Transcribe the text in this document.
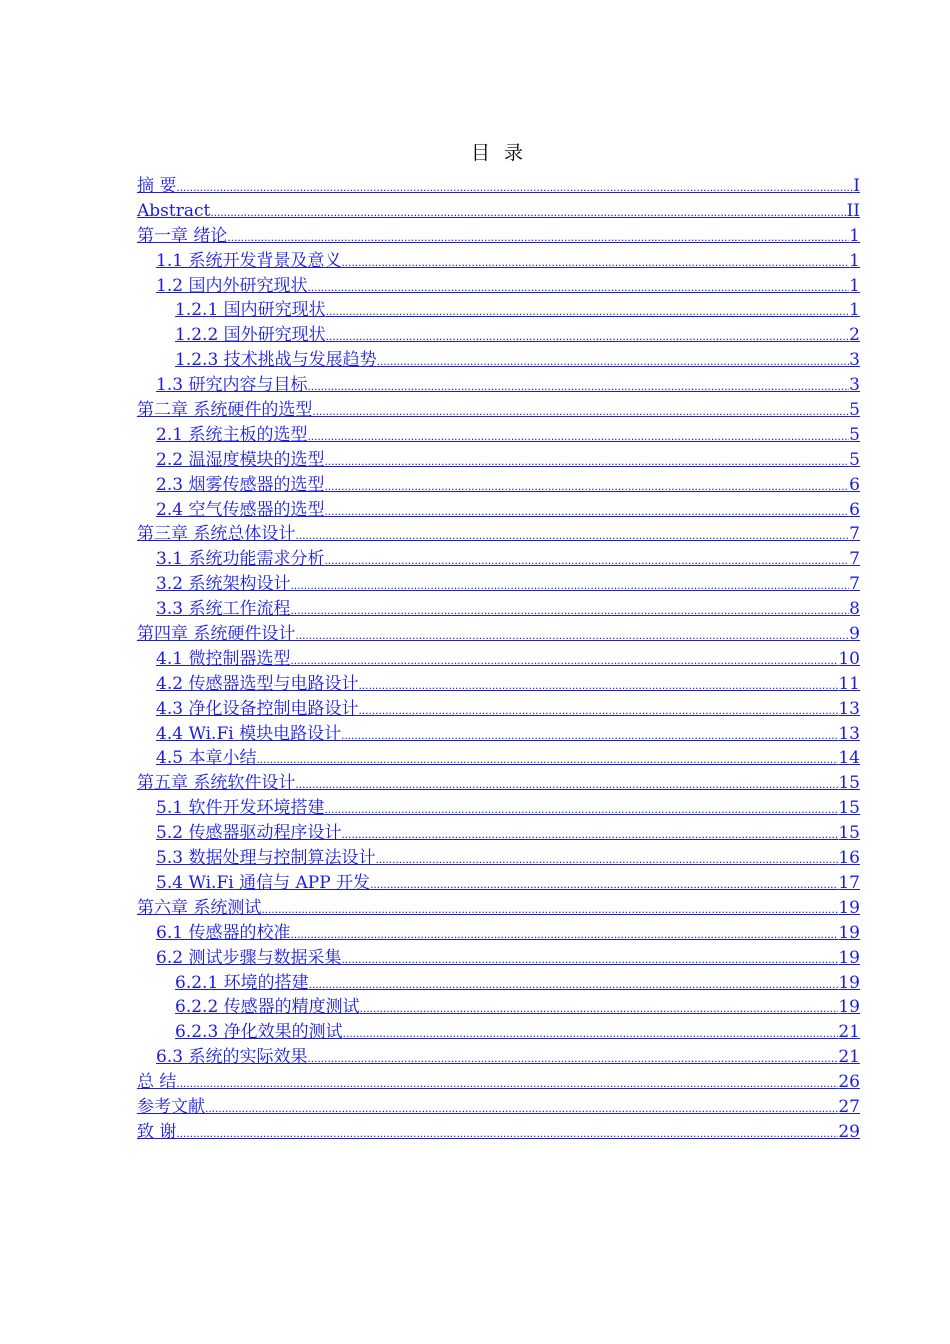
目 录
摘 要 .....	I
Abstract .....	II
第一章 绪论 .....	1
1.1 系统开发背景及意义 .....	1
1.2 国内外研究现状 .....	1
1.2.1 国内研究现状 .....	1
1.2.2 国外研究现状 .....	2
1.2.3 技术挑战与发展趋势 .....	3
1.3 研究内容与目标 .....	3
第二章 系统硬件的选型 .....	5
2.1 系统主板的选型 .....	5
2.2 温湿度模块的选型 .....	5
2.3 烟雾传感器的选型 .....	6
2.4 空气传感器的选型 .....	6
第三章 系统总体设计 .....	7
3.1 系统功能需求分析 .....	7
3.2 系统架构设计 .....	7
3.3 系统工作流程 .....	8
第四章 系统硬件设计 .....	9
4.1 微控制器选型 .....	10
4.2 传感器选型与电路设计 .....	11
4.3 净化设备控制电路设计 .....	13
4.4 Wi.Fi 模块电路设计 .....	13
4.5 本章小结 .....	14
第五章 系统软件设计 .....	15
5.1 软件开发环境搭建 .....	15
5.2 传感器驱动程序设计 .....	15
5.3 数据处理与控制算法设计 .....	16
5.4 Wi.Fi 通信与 APP 开发 .....	17
第六章 系统测试 .....	19
6.1 传感器的校准 .....	19
6.2 测试步骤与数据采集 .....	19
6.2.1 环境的搭建 .....	19
6.2.2 传感器的精度测试 .....	19
6.2.3 净化效果的测试 .....	21
6.3 系统的实际效果 .....	21
总 结 .....	26
参考文献 .....	27
致 谢 .....	29
